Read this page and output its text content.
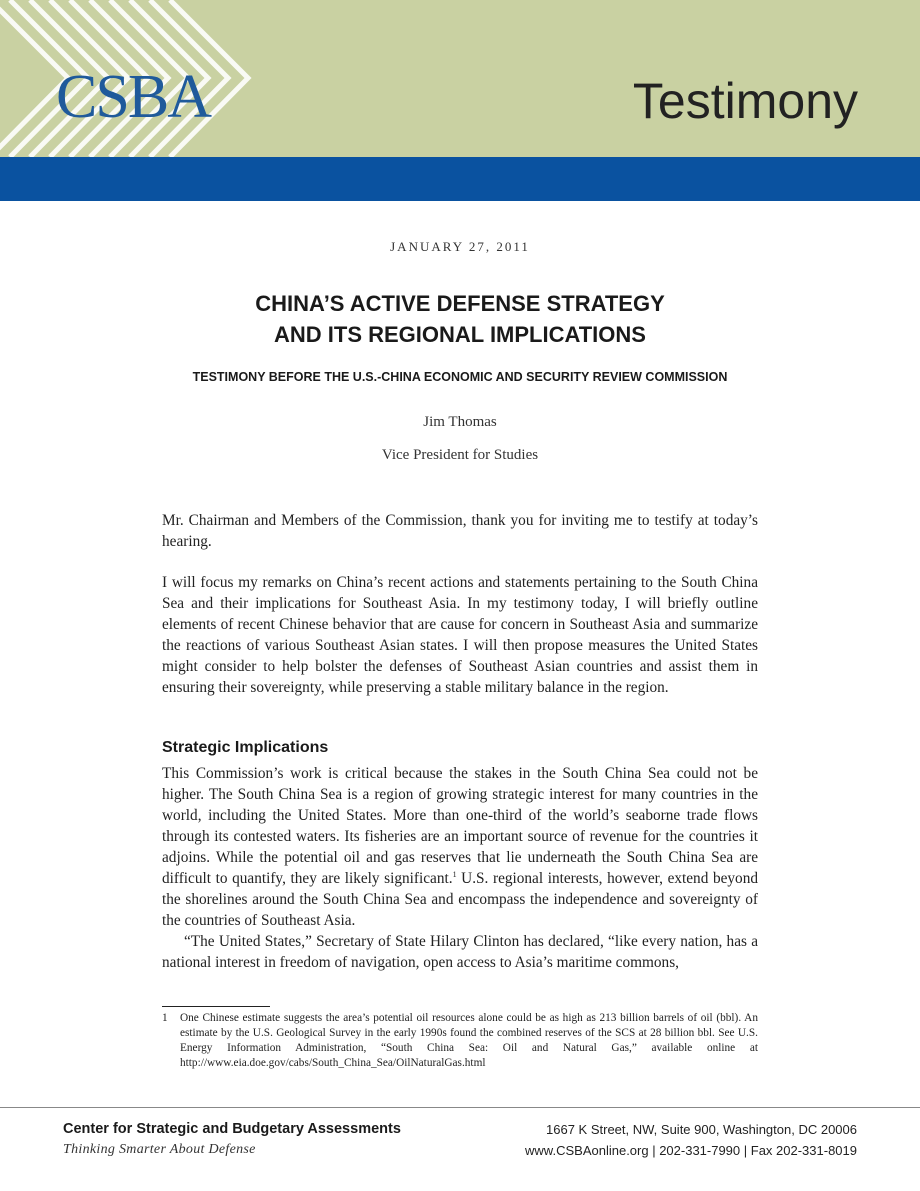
CSBA	Testimony
JANUARY 27, 2011
CHINA’S ACTIVE DEFENSE STRATEGY
AND ITS REGIONAL IMPLICATIONS
TESTIMONY BEFORE THE U.S.-CHINA ECONOMIC AND SECURITY REVIEW COMMISSION
Jim Thomas
Vice President for Studies

Mr. Chairman and Members of the Commission, thank you for inviting me to testify at today’s hearing.

I will focus my remarks on China’s recent actions and statements pertaining to the South China Sea and their implications for Southeast Asia. In my testimony today, I will briefly outline elements of recent Chinese behavior that are cause for concern in Southeast Asia and summarize the reactions of various Southeast Asian states. I will then propose measures the United States might consider to help bolster the defenses of Southeast Asian countries and assist them in ensuring their sovereignty, while preserving a stable military balance in the region.

Strategic Implications

This Commission’s work is critical because the stakes in the South China Sea could not be higher. The South China Sea is a region of growing strategic interest for many countries in the world, including the United States. More than one-third of the world’s seaborne trade flows through its contested waters. Its fisheries are an important source of revenue for the countries it adjoins. While the potential oil and gas reserves that lie underneath the South China Sea are difficult to quantify, they are likely significant.$^1$ U.S. regional interests, however, extend beyond the shorelines around the South China Sea and encompass the independence and sovereignty of the countries of Southeast Asia.

“The United States,” Secretary of State Hilary Clinton has declared, “like every nation, has a national interest in freedom of navigation, open access to Asia’s maritime commons,

1	One Chinese estimate suggests the area’s potential oil resources alone could be as high as 213 billion barrels of oil (bbl). An estimate by the U.S. Geological Survey in the early 1990s found the combined reserves of the SCS at 28 billion bbl. See U.S. Energy Information Administration, “South China Sea: Oil and Natural Gas,” available online at http://www.eia.doe.gov/cabs/South_China_Sea/OilNaturalGas.html
Center for Strategic and Budgetary Assessments
Thinking Smarter About Defense
1667 K Street, NW, Suite 900, Washington, DC 20006
www.CSBAonline.org | 202-331-7990 | Fax 202-331-8019
